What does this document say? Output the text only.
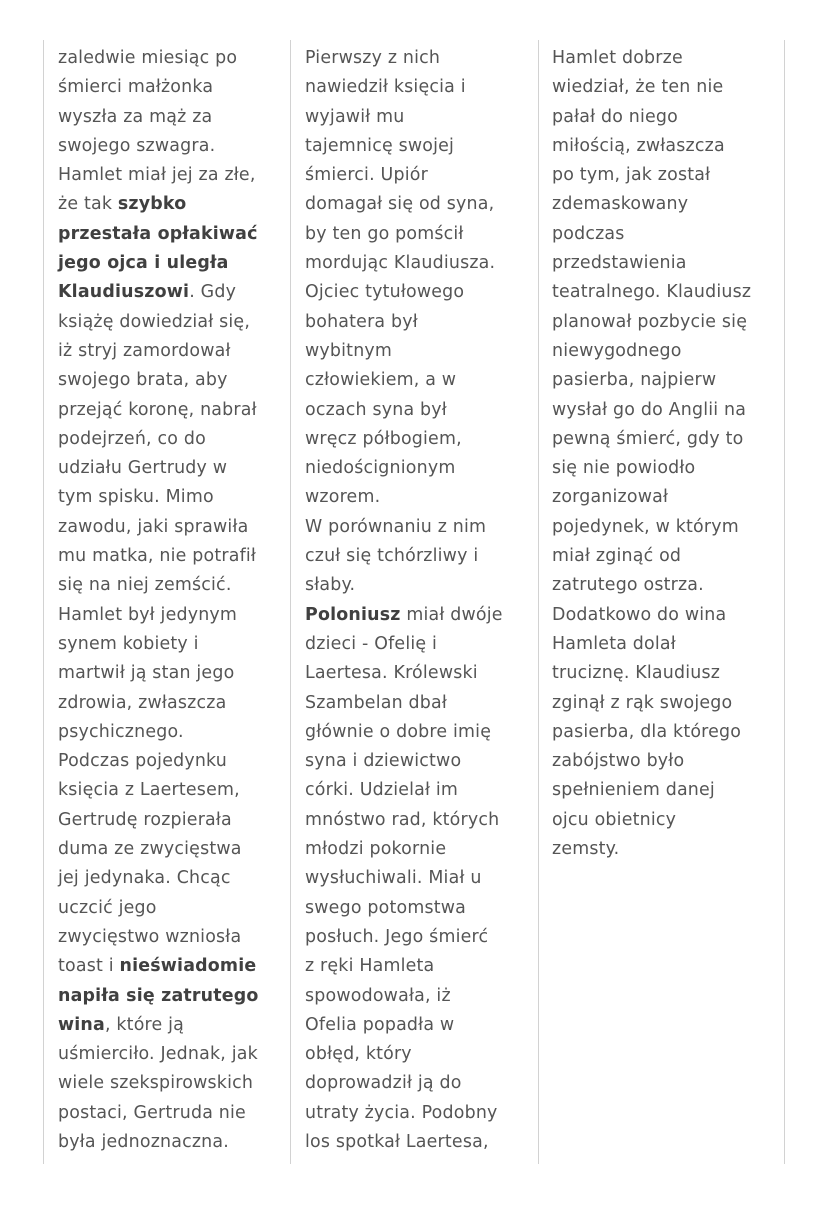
zaledwie miesiąc po
śmierci małżonka
wyszła za mąż za
swojego szwagra.
Hamlet miał jej za złe,
że tak szybko
przestała opłakiwać
jego ojca i uległa
Klaudiuszowi. Gdy
książę dowiedział się,
iż stryj zamordował
swojego brata, aby
przejąć koronę, nabrał
podejrzeń, co do
udziału Gertrudy w
tym spisku. Mimo
zawodu, jaki sprawiła
mu matka, nie potrafił
się na niej zemścić.
Hamlet był jedynym
synem kobiety i
martwił ją stan jego
zdrowia, zwłaszcza
psychicznego.
Podczas pojedynku
księcia z Laertesem,
Gertrudę rozpierała
duma ze zwycięstwa
jej jedynaka. Chcąc
uczcić jego
zwycięstwo wzniosła
toast i nieświadomie
napiła się zatrutego
wina, które ją
uśmierciło. Jednak, jak
wiele szekspirowskich
postaci, Gertruda nie
była jednoznaczna.
Pierwszy z nich
nawiedził księcia i
wyjawił mu
tajemnicę swojej
śmierci. Upiór
domagał się od syna,
by ten go pomścił
mordując Klaudiusza.
Ojciec tytułowego
bohatera był
wybitnym
człowiekiem, a w
oczach syna był
wręcz półbogiem,
niedoścignionym
wzorem.
W porównaniu z nim
czuł się tchórzliwy i
słaby.
Poloniusz miał dwóje
dzieci - Ofelię i
Laertesa. Królewski
Szambelan dbał
głównie o dobre imię
syna i dziewictwo
córki. Udzielał im
mnóstwo rad, których
młodzi pokornie
wysłuchiwali. Miał u
swego potomstwa
posłuch. Jego śmierć
z ręki Hamleta
spowodowała, iż
Ofelia popadła w
obłęd, który
doprowadził ją do
utraty życia. Podobny
los spotkał Laertesa,
Hamlet dobrze
wiedział, że ten nie
pałał do niego
miłością, zwłaszcza
po tym, jak został
zdemaskowany
podczas
przedstawienia
teatralnego. Klaudiusz
planował pozbycie się
niewygodnego
pasierba, najpierw
wysłał go do Anglii na
pewną śmierć, gdy to
się nie powiodło
zorganizował
pojedynek, w którym
miał zginąć od
zatrutego ostrza.
Dodatkowo do wina
Hamleta dolał
truciznę. Klaudiusz
zginął z rąk swojego
pasierba, dla którego
zabójstwo było
spełnieniem danej
ojcu obietnicy
zemsty.
